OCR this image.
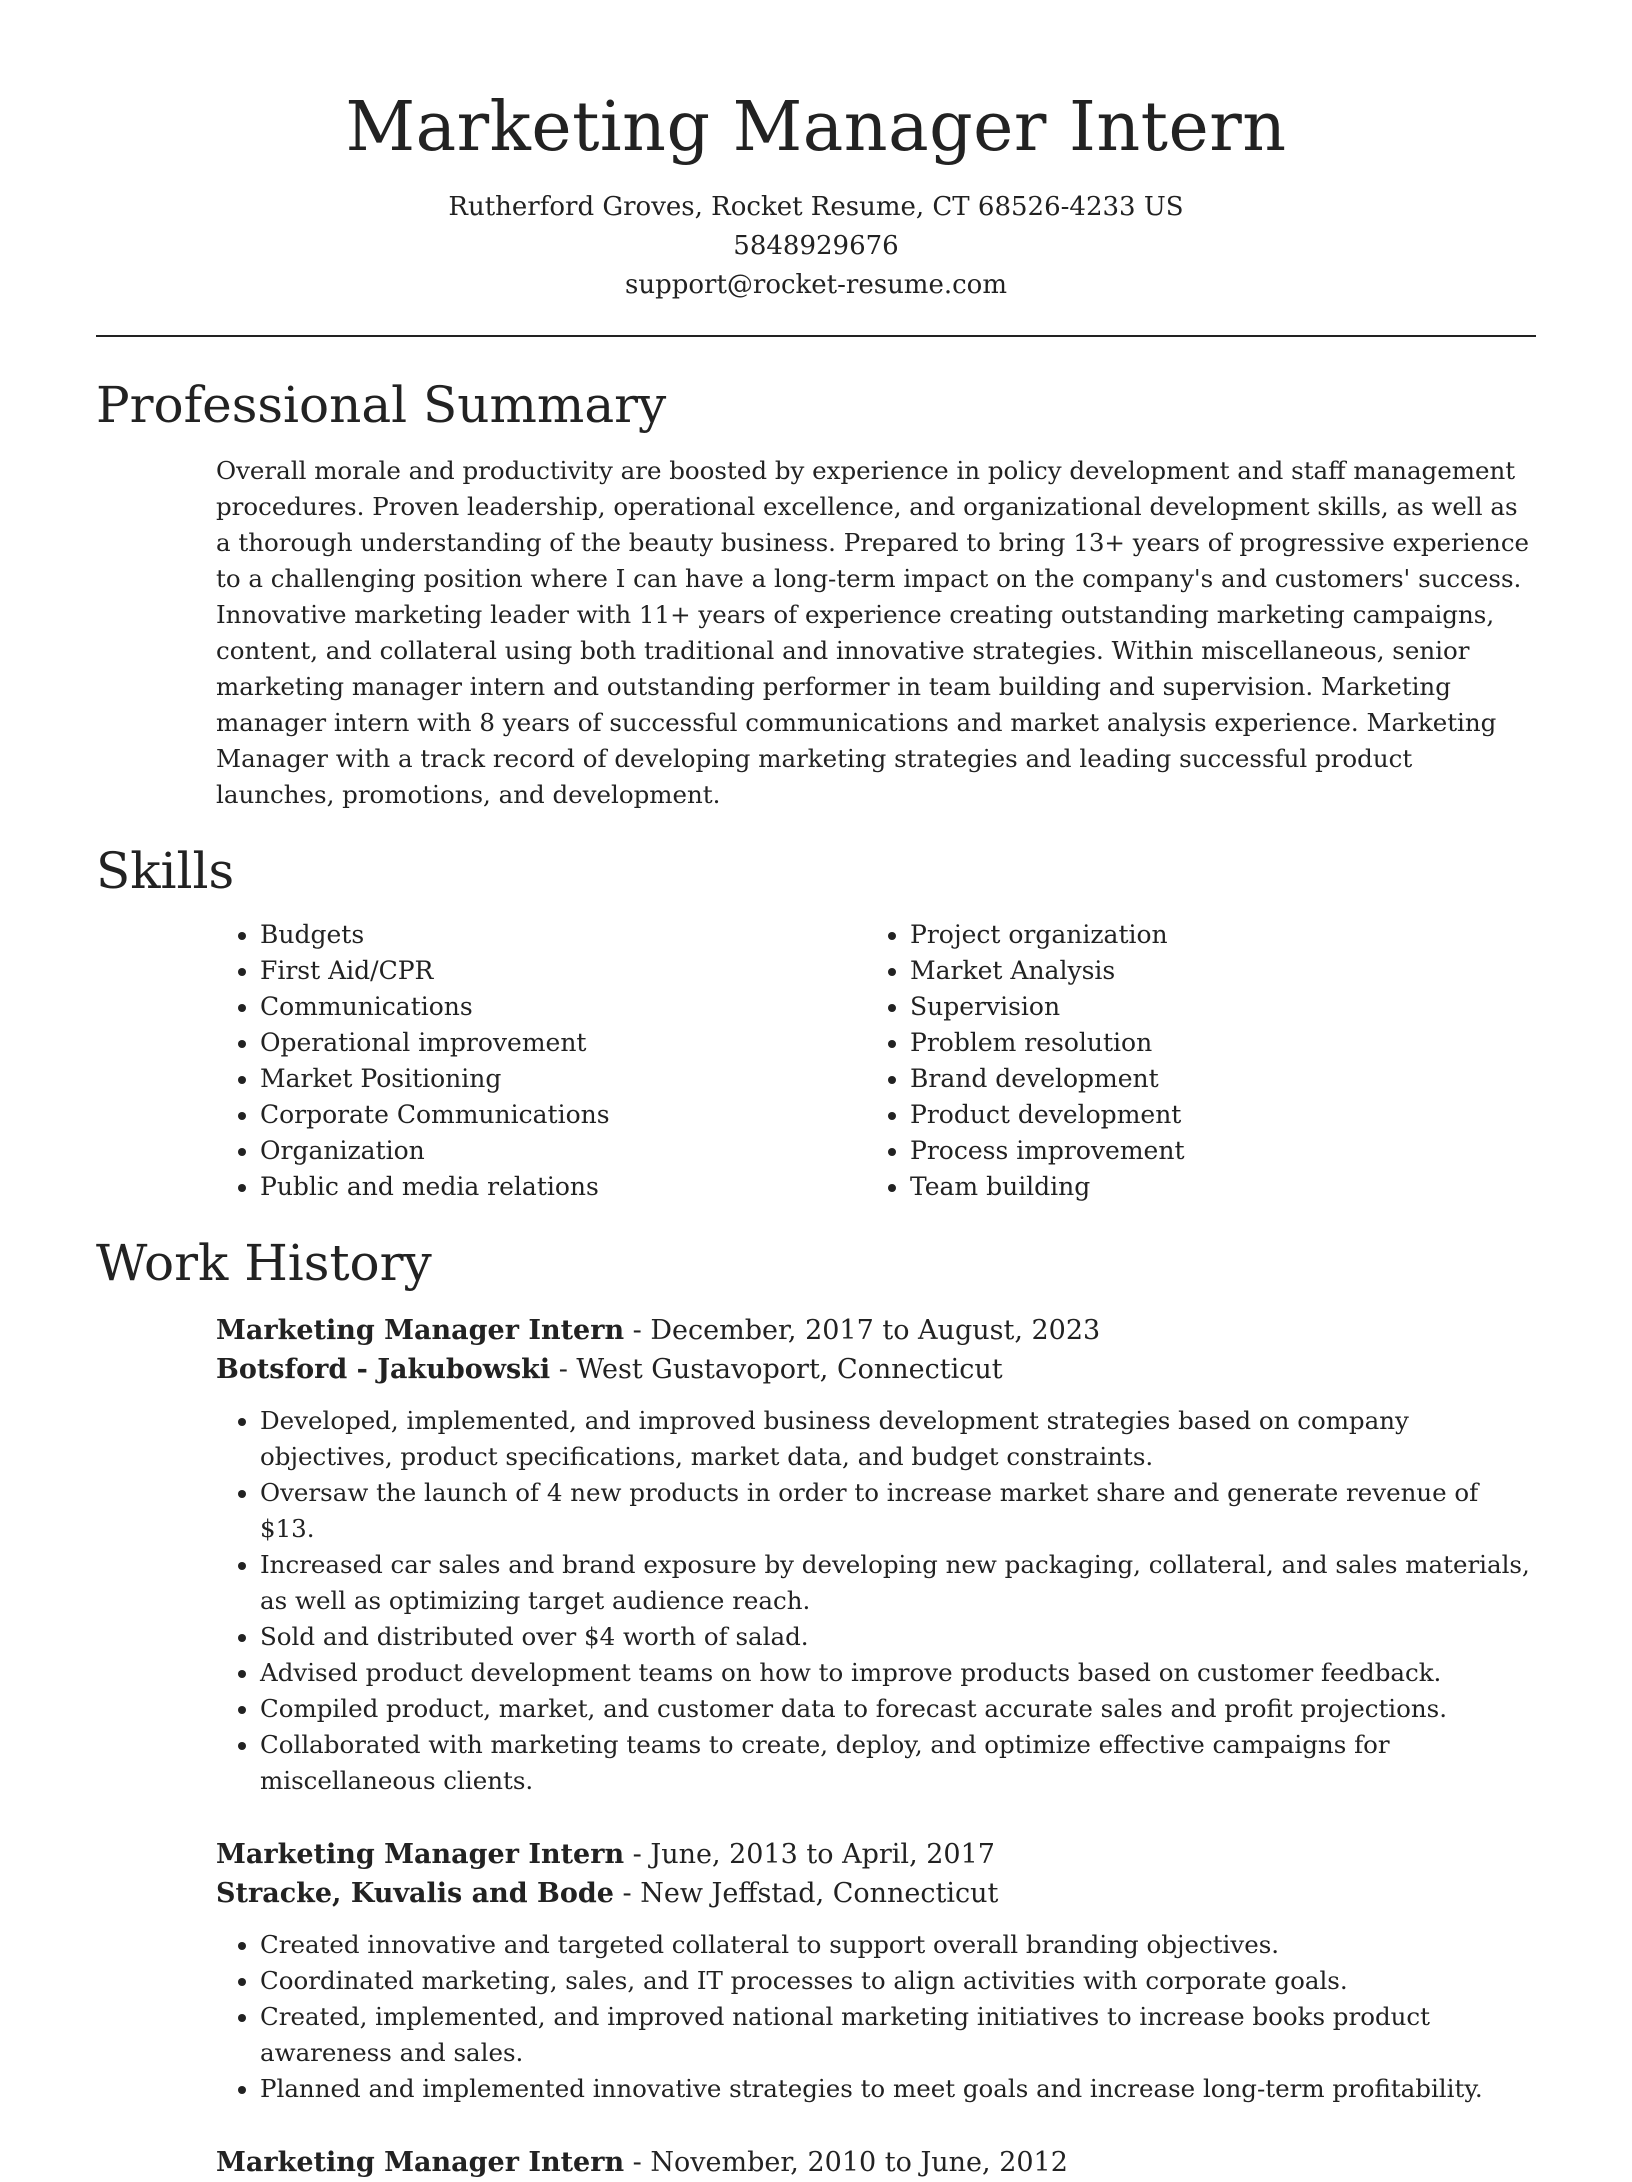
Marketing Manager Intern
Rutherford Groves, Rocket Resume, CT 68526-4233 US
5848929676
support@rocket-resume.com
Professional Summary

Overall morale and productivity are boosted by experience in policy development and staff management procedures. Proven leadership, operational excellence, and organizational development skills, as well as a thorough understanding of the beauty business. Prepared to bring 13+ years of progressive experience to a challenging position where I can have a long-term impact on the company's and customers' success. Innovative marketing leader with 11+ years of experience creating outstanding marketing campaigns, content, and collateral using both traditional and innovative strategies. Within miscellaneous, senior marketing manager intern and outstanding performer in team building and supervision. Marketing manager intern with 8 years of successful communications and market analysis experience. Marketing Manager with a track record of developing marketing strategies and leading successful product launches, promotions, and development.

Skills
• Budgets
• First Aid/CPR
• Communications
• Operational improvement
• Market Positioning
• Corporate Communications
• Organization
• Public and media relations
• Project organization
• Market Analysis
• Supervision
• Problem resolution
• Brand development
• Product development
• Process improvement
• Team building
Work History
Marketing Manager Intern - December, 2017 to August, 2023
Botsford - Jakubowski - West Gustavoport, Connecticut
• Developed, implemented, and improved business development strategies based on company objectives, product specifications, market data, and budget constraints.
• Oversaw the launch of 4 new products in order to increase market share and generate revenue of $13.
• Increased car sales and brand exposure by developing new packaging, collateral, and sales materials, as well as optimizing target audience reach.
• Sold and distributed over $4 worth of salad.
• Advised product development teams on how to improve products based on customer feedback.
• Compiled product, market, and customer data to forecast accurate sales and profit projections.
• Collaborated with marketing teams to create, deploy, and optimize effective campaigns for miscellaneous clients.
Marketing Manager Intern - June, 2013 to April, 2017
Stracke, Kuvalis and Bode - New Jeffstad, Connecticut
• Created innovative and targeted collateral to support overall branding objectives.
• Coordinated marketing, sales, and IT processes to align activities with corporate goals.
• Created, implemented, and improved national marketing initiatives to increase books product awareness and sales.
• Planned and implemented innovative strategies to meet goals and increase long-term profitability.
Marketing Manager Intern - November, 2010 to June, 2012
